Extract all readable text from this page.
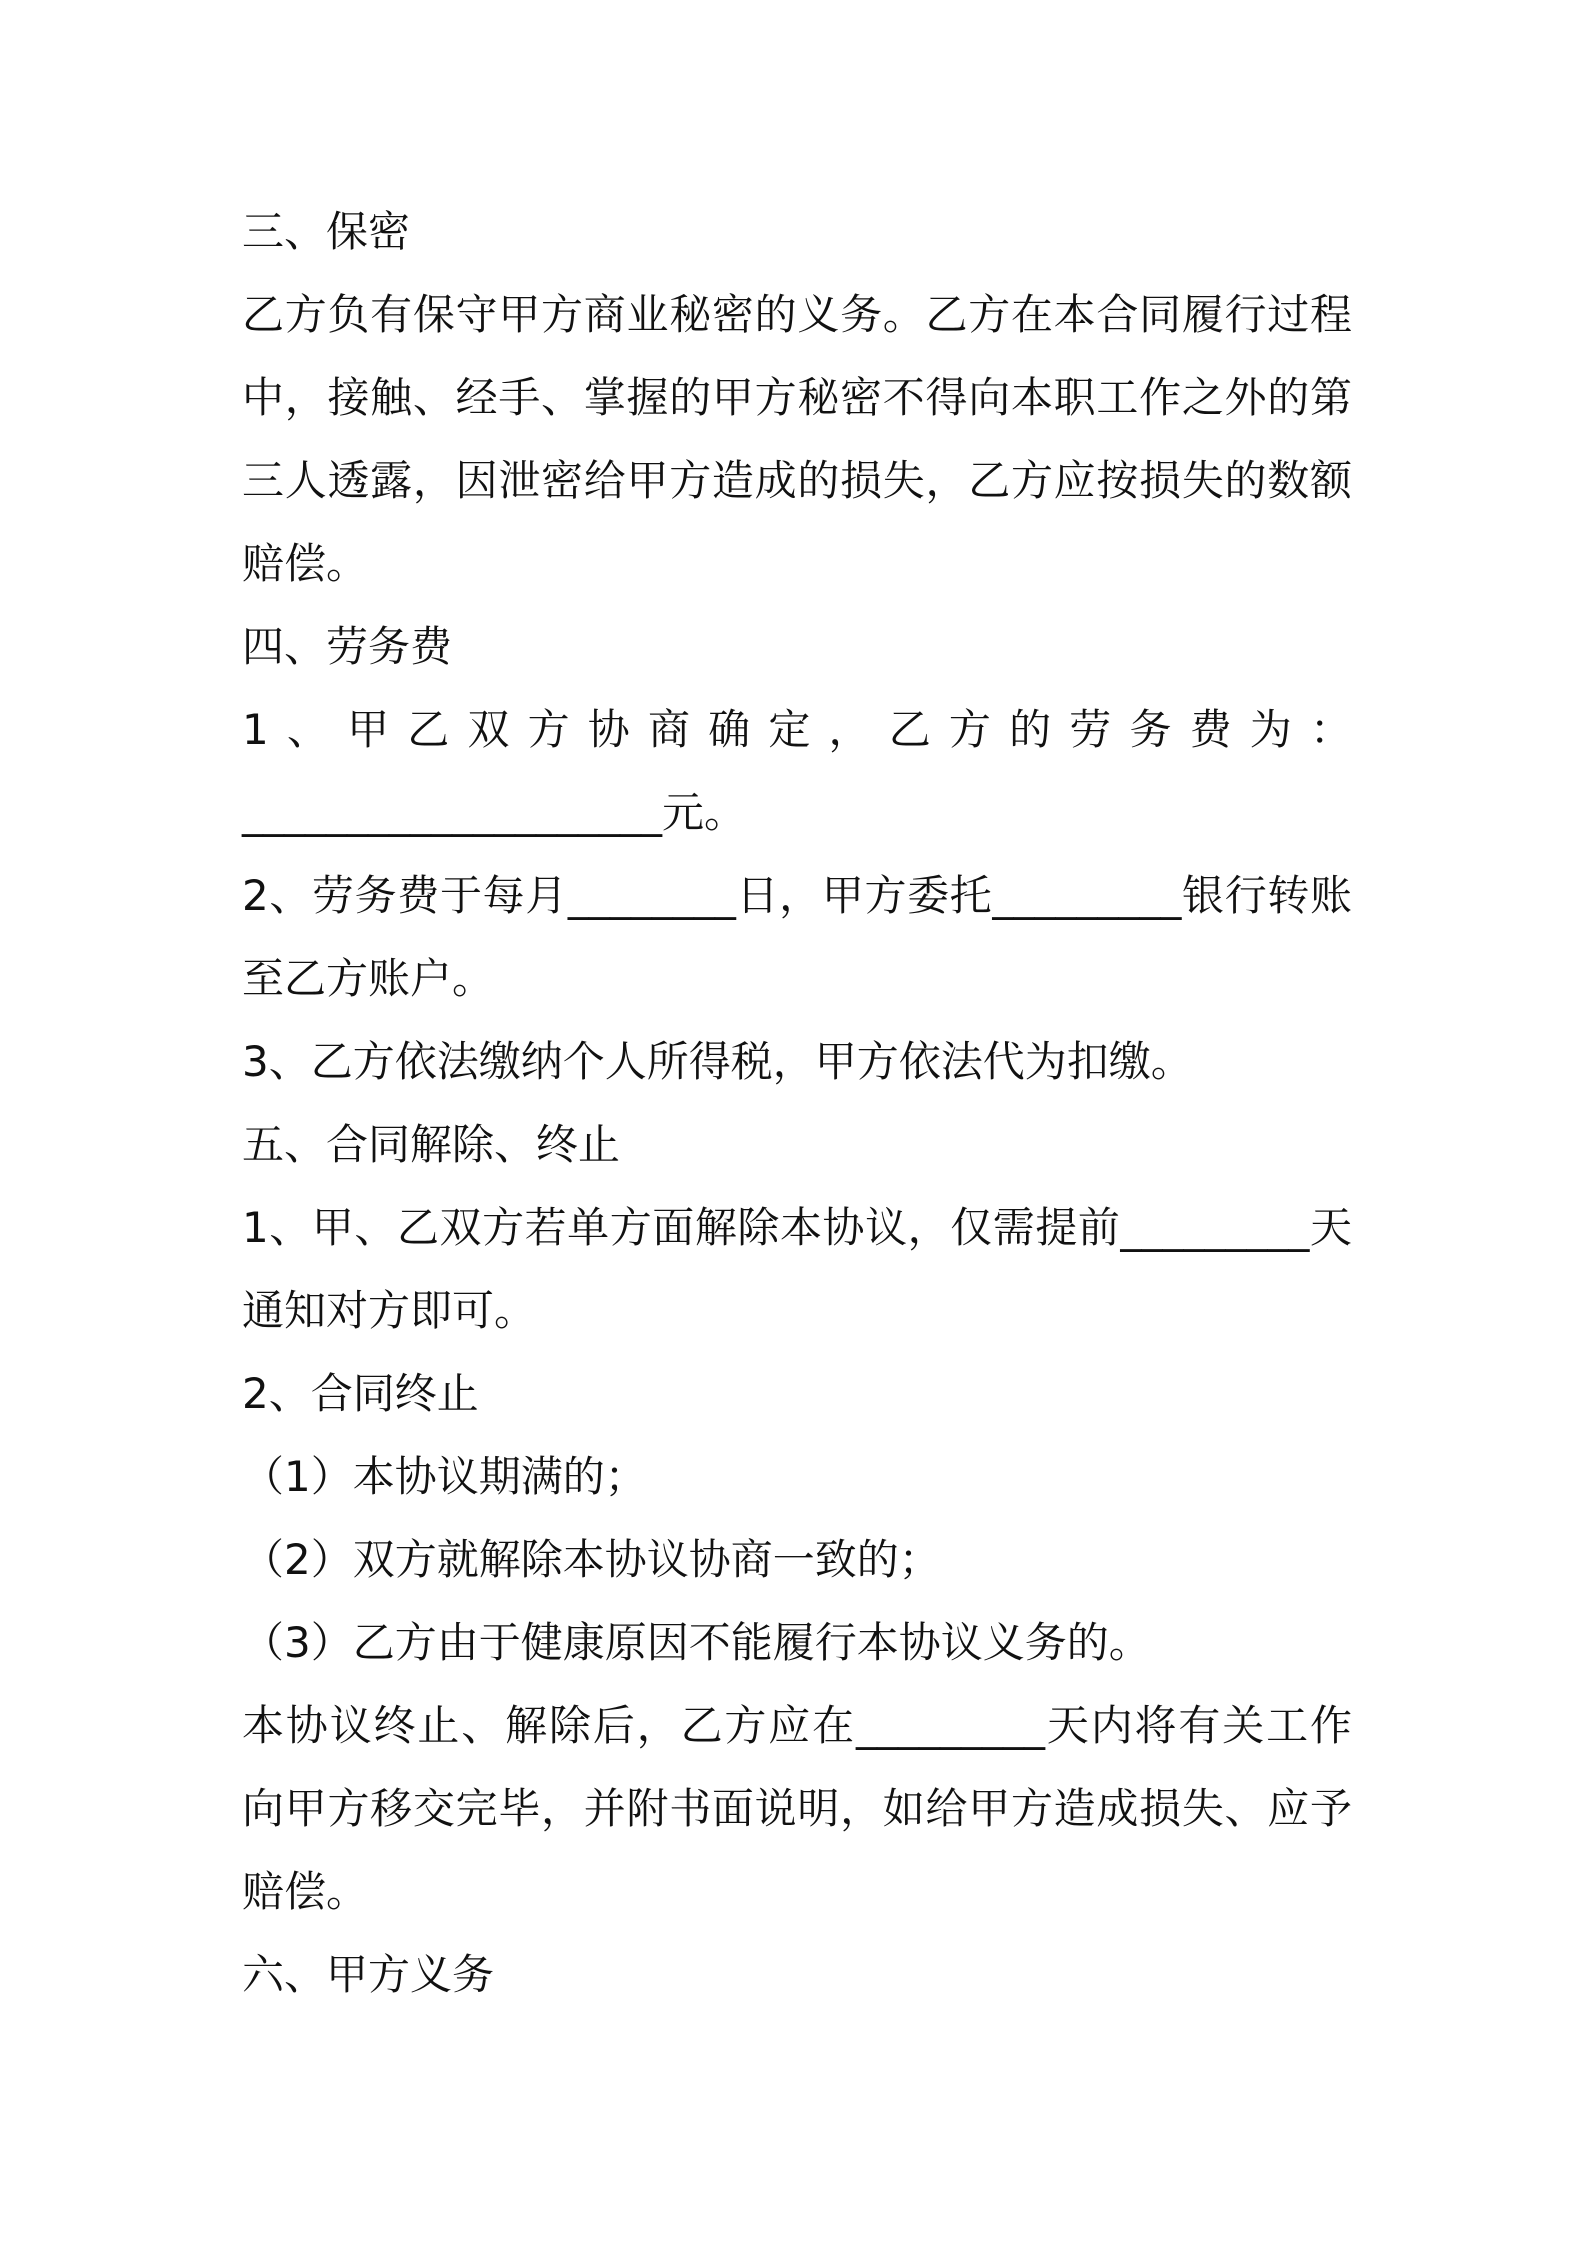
三、保密

乙方负有保守甲方商业秘密的义务。乙方在本合同履行过程

中，接触、经手、掌握的甲方秘密不得向本职工作之外的第

三人透露，因泄密给甲方造成的损失，乙方应按损失的数额

赔偿。

四、劳务费

1、甲乙双方协商确定，乙方的劳务费为：

____________________元。

2、劳务费于每月________日，甲方委托_________银行转账

至乙方账户。

3、乙方依法缴纳个人所得税，甲方依法代为扣缴。

五、合同解除、终止

1、甲、乙双方若单方面解除本协议，仅需提前_________天

通知对方即可。

2、合同终止

（1）本协议期满的；

（2）双方就解除本协议协商一致的；

（3）乙方由于健康原因不能履行本协议义务的。

本协议终止、解除后，乙方应在_________天内将有关工作

向甲方移交完毕，并附书面说明，如给甲方造成损失、应予

赔偿。

六、甲方义务
